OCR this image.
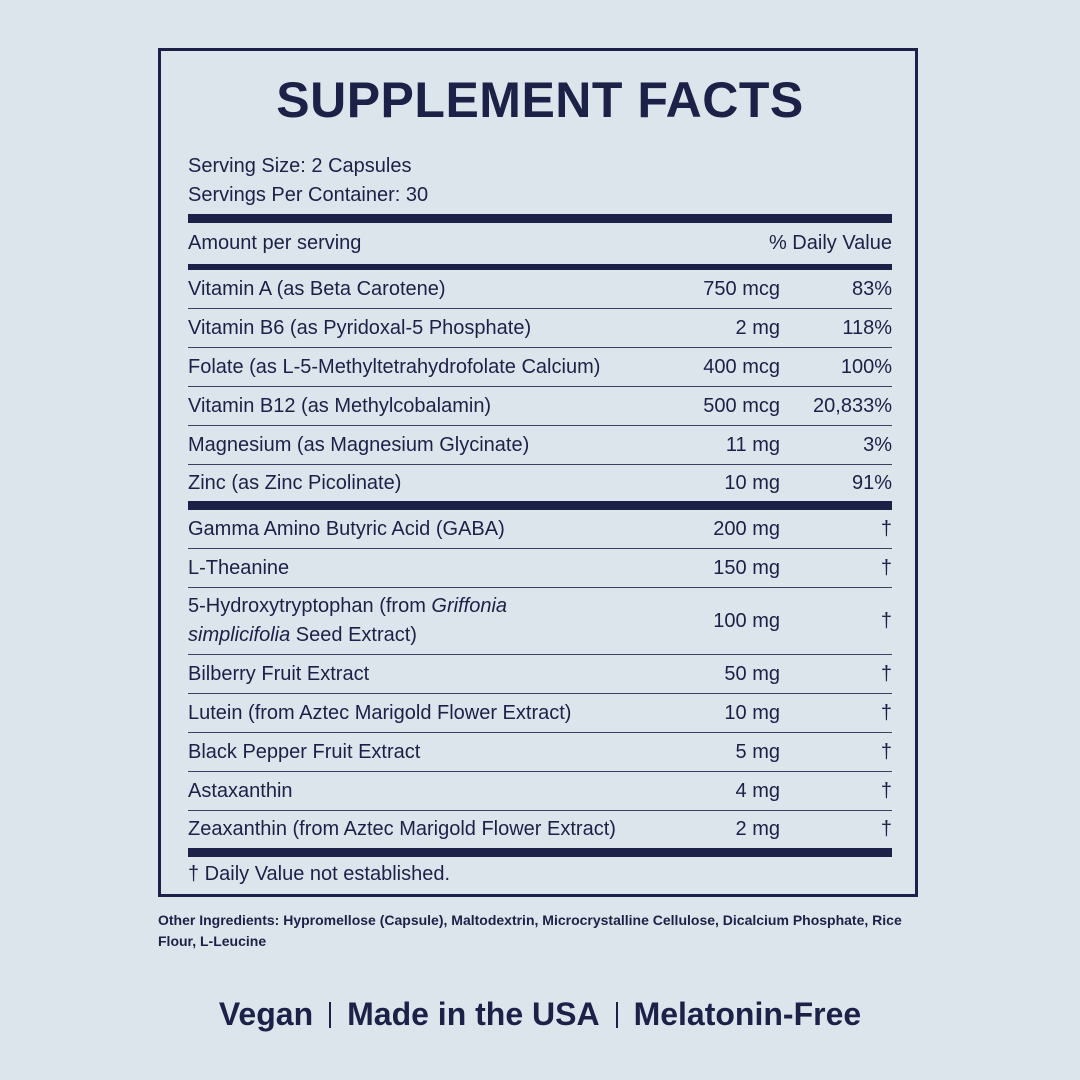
SUPPLEMENT FACTS
Serving Size: 2 Capsules
Servings Per Container: 30
Amount per serving	% Daily Value
Vitamin A (as Beta Carotene)	750 mcg	83%
Vitamin B6 (as Pyridoxal-5 Phosphate)	2 mg	118%
Folate (as L-5-Methyltetrahydrofolate Calcium)	400 mcg	100%
Vitamin B12 (as Methylcobalamin)	500 mcg	20,833%
Magnesium (as Magnesium Glycinate)	11 mg	3%
Zinc (as Zinc Picolinate)	10 mg	91%
Gamma Amino Butyric Acid (GABA)	200 mg	†
L-Theanine	150 mg	†
5-Hydroxytryptophan (from Griffonia
simplicifolia Seed Extract)
100 mg	†
Bilberry Fruit Extract	50 mg	†
Lutein (from Aztec Marigold Flower Extract)	10 mg	†
Black Pepper Fruit Extract	5 mg	†
Astaxanthin	4 mg	†
Zeaxanthin (from Aztec Marigold Flower Extract)	2 mg	†
† Daily Value not established.
Other Ingredients: Hypromellose (Capsule), Maltodextrin, Microcrystalline Cellulose, Dicalcium Phosphate, Rice Flour, L-Leucine
Vegan Made in the USA Melatonin-Free
